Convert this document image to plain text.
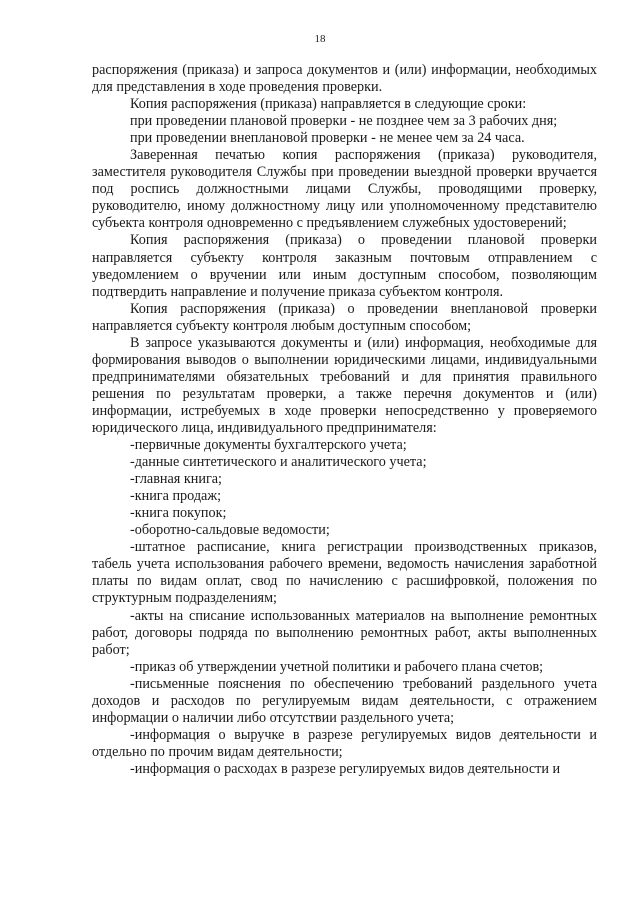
18

распоряжения (приказа) и запроса документов и (или) информации, необходимых для представления в ходе проведения проверки.

Копия распоряжения (приказа) направляется в следующие сроки:

при проведении плановой проверки - не позднее чем за 3 рабочих дня;

при проведении внеплановой проверки - не менее чем за 24 часа.

Заверенная печатью копия распоряжения (приказа) руководителя, заместителя руководителя Службы при проведении выездной проверки вручается под роспись должностными лицами Службы, проводящими проверку, руководителю, иному должностному лицу или уполномоченному представителю субъекта контроля одновременно с предъявлением служебных удостоверений;

Копия распоряжения (приказа) о проведении плановой проверки направляется субъекту контроля заказным почтовым отправлением с уведомлением о вручении или иным доступным способом, позволяющим подтвердить направление и получение приказа субъектом контроля.

Копия распоряжения (приказа) о проведении внеплановой проверки направляется субъекту контроля любым доступным способом;

В запросе указываются документы и (или) информация, необходимые для формирования выводов о выполнении юридическими лицами, индивидуальными предпринимателями обязательных требований и для принятия правильного решения по результатам проверки, а также перечня документов и (или) информации, истребуемых в ходе проверки непосредственно у проверяемого юридического лица, индивидуального предпринимателя:

-первичные документы бухгалтерского учета;

-данные синтетического и аналитического учета;

-главная книга;

-книга продаж;

-книга покупок;

-оборотно-сальдовые ведомости;

-штатное расписание, книга регистрации производственных приказов, табель учета использования рабочего времени, ведомость начисления заработной платы по видам оплат, свод по начислению с расшифровкой, положения по структурным подразделениям;

-акты на списание использованных материалов на выполнение ремонтных работ, договоры подряда по выполнению ремонтных работ, акты выполненных работ;

-приказ об утверждении учетной политики и рабочего плана счетов;

-письменные пояснения по обеспечению требований раздельного учета доходов и расходов по регулируемым видам деятельности, с отражением информации о наличии либо отсутствии раздельного учета;

-информация о выручке в разрезе регулируемых видов деятельности и отдельно по прочим видам деятельности;

-информация о расходах в разрезе регулируемых видов деятельности и
